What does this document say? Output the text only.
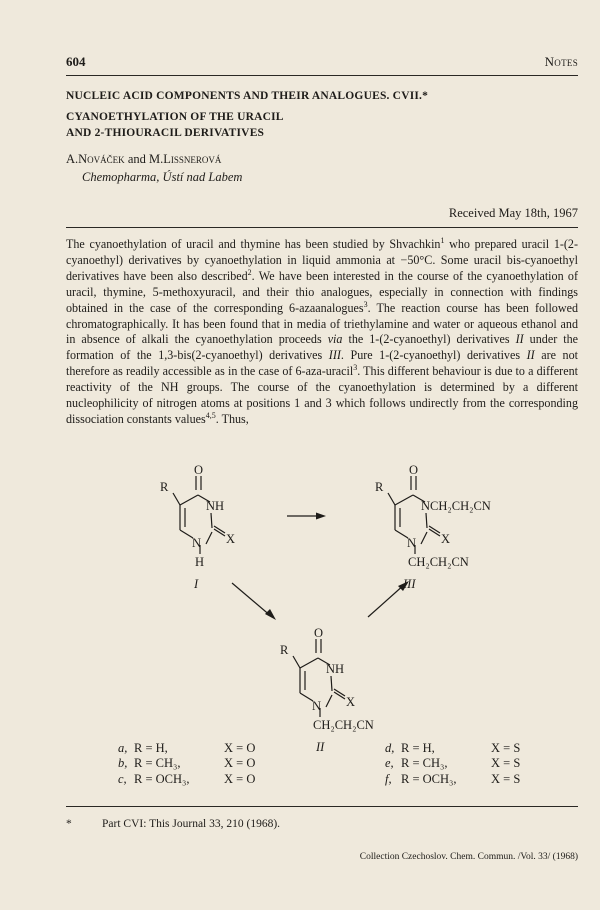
604	Notes
NUCLEIC ACID COMPONENTS AND THEIR ANALOGUES. CVII.*
CYANOETHYLATION OF THE URACIL
AND 2-THIOURACIL DERIVATIVES
A.Nováček and M.Lissnerová
Chemopharma, Ústí nad Labem
Received May 18th, 1967
The cyanoethylation of uracil and thymine has been studied by Shvachkin$^1$ who prepared uracil 1-(2-cyanoethyl) derivatives by cyanoethylation in liquid ammonia at −50°C. Some uracil bis-cyanoethyl derivatives have been also described$^2$. We have been interested in the course of the cyanoethylation of uracil, thymine, 5-methoxyuracil, and their thio analogues, especially in connection with findings obtained in the case of the corresponding 6-azaanalogues$^3$. The reaction course has been followed chromatographically. It has been found that in media of triethylamine and water or aqueous ethanol and in absence of alkali the cyanoethylation proceeds via the 1-(2-cyanoethyl) derivatives II under the formation of the 1,3-bis(2-cyanoethyl) derivatives III. Pure 1-(2-cyanoethyl) derivatives II are not therefore as readily accessible as in the case of 6-aza-uracil$^3$. This different behaviour is due to a different reactivity of the NH groups. The course of the cyanoethylation is determined by a different nucleophilicity of nitrogen atoms at positions 1 and 3 which follows undirectly from the corresponding dissociation constants values$^{4,5}$. Thus,
O
R
NH
N X
H
I
O
R
NCH₂CH₂CN
N X
CH₂CH₂CN
III
O
R
NH
N X
CH₂CH₂CN
II
a, R = H,	X = O
b, R = CH₃,	X = O
c, R = OCH₃,	X = O
d, R = H,	X = S
e, R = CH₃,	X = S
f, R = OCH₃,	X = S
*	Part CVI: This Journal 33, 210 (1968).
Collection Czechoslov. Chem. Commun. /Vol. 33/ (1968)
